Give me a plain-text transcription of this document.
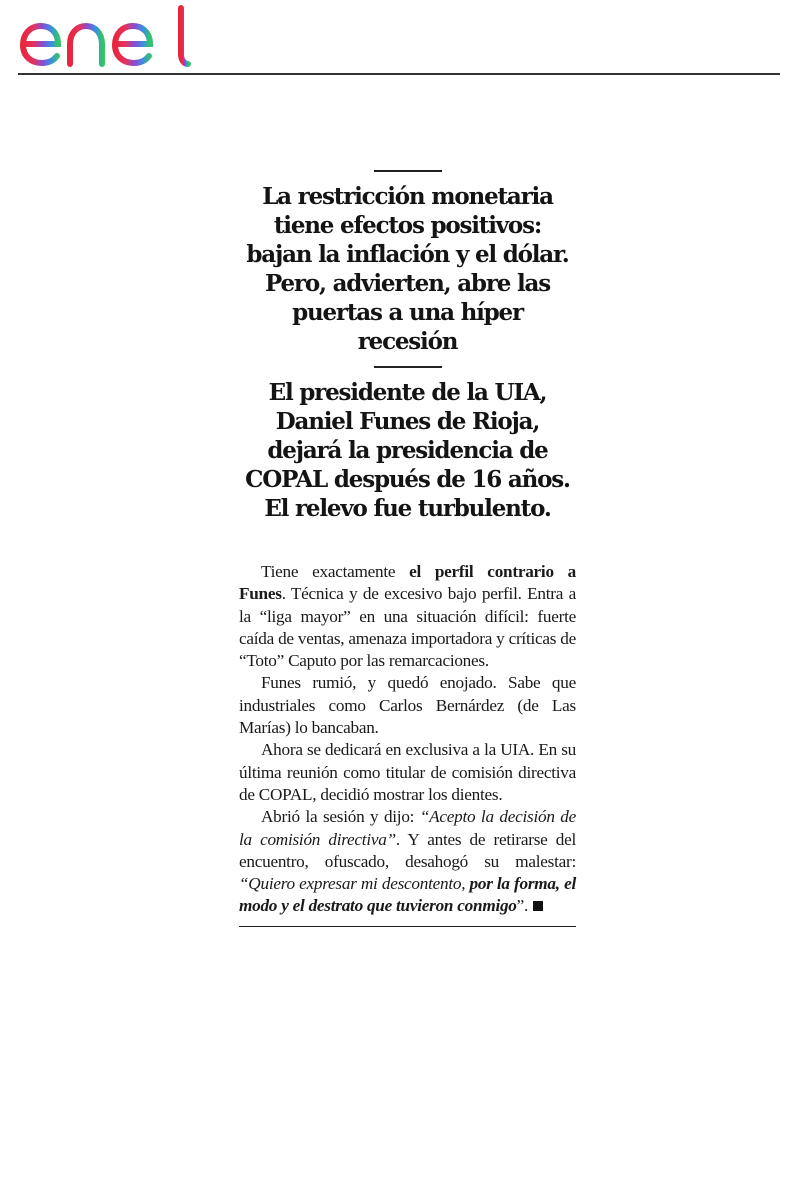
La restricción monetaria tiene efectos positivos: bajan la inflación y el dólar. Pero, advierten, abre las puertas a una híper recesión
El presidente de la UIA, Daniel Funes de Rioja, dejará la presidencia de COPAL después de 16 años. El relevo fue turbulento.

Tiene exactamente el perfil contrario a Funes. Técnica y de excesivo bajo perfil. Entra a la “liga mayor” en una situación difícil: fuerte caída de ventas, amenaza importadora y críticas de “Toto” Caputo por las remarcaciones.

Funes rumió, y quedó enojado. Sabe que industriales como Carlos Bernárdez (de Las Marías) lo bancaban.

Ahora se dedicará en exclusiva a la UIA. En su última reunión como titular de comisión directiva de COPAL, decidió mostrar los dientes.

Abrió la sesión y dijo: “Acepto la decisión de la comisión directiva”. Y antes de retirarse del encuentro, ofuscado, desahogó su malestar: “Quiero expresar mi descontento, por la forma, el modo y el destrato que tuvieron conmigo”.
